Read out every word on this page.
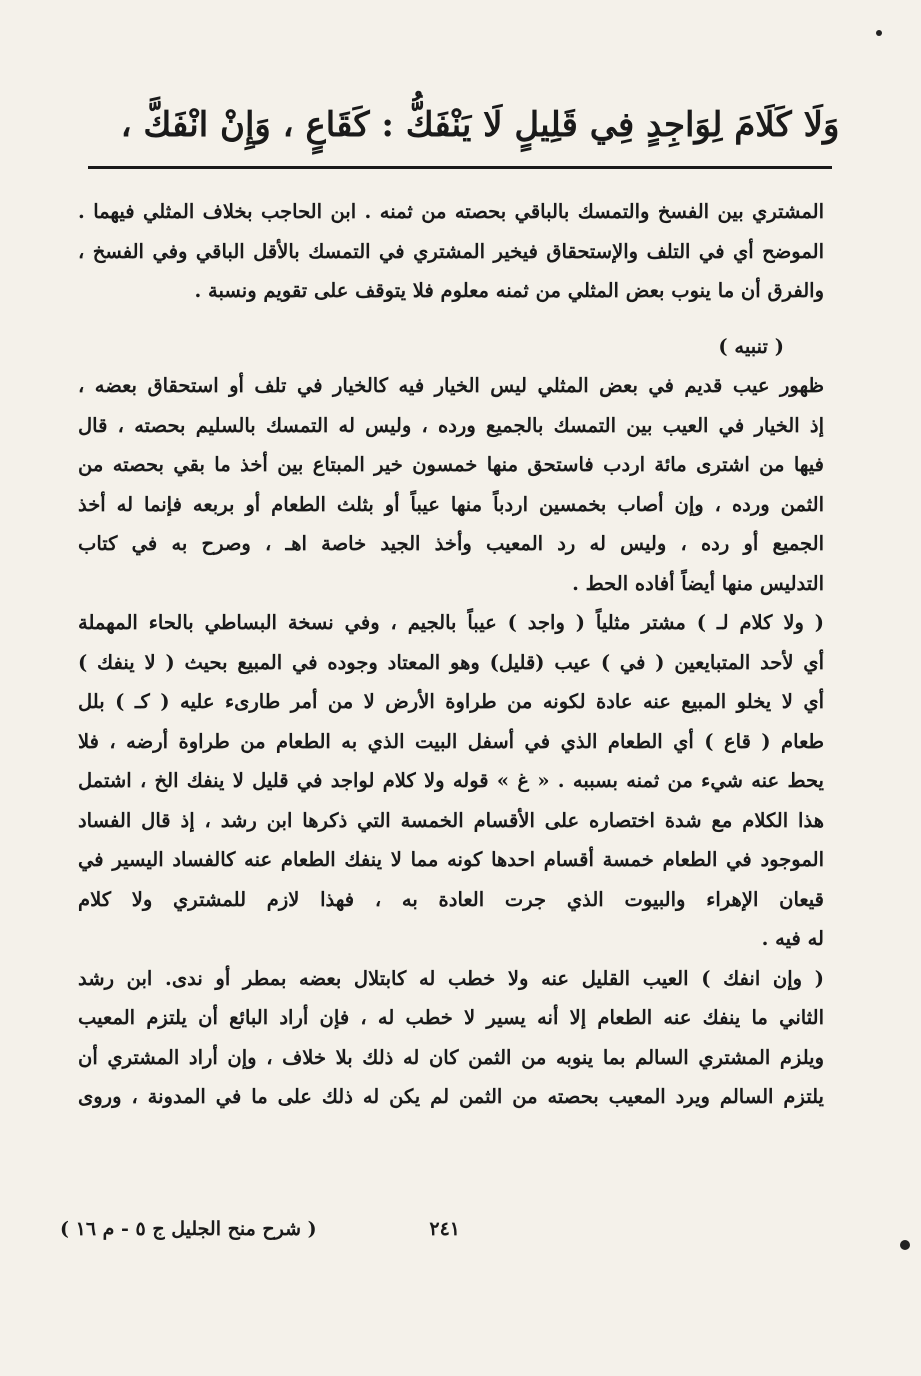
وَلَا كَلَامَ لِوَاجِدٍ فِي قَلِيلٍ لَا يَنْفَكُّ : كَقَاعٍ ، وَإِنْ انْفَكَّ ،
المشتري بين الفسخ والتمسك بالباقي بحصته من ثمنه . ابن الحاجب بخلاف المثلي فيهما .
الموضح أي في التلف والإستحقاق فيخير المشتري في التمسك بالأقل الباقي وفي الفسخ ،
والفرق أن ما ينوب بعض المثلي من ثمنه معلوم فلا يتوقف على تقويم ونسبة .
( تنبيه )
ظهور عيب قديم في بعض المثلي ليس الخيار فيه كالخيار في تلف أو استحقاق بعضه ،
إذ الخيار في العيب بين التمسك بالجميع ورده ، وليس له التمسك بالسليم بحصته ، قال
فيها من اشترى مائة اردب فاستحق منها خمسون خير المبتاع بين أخذ ما بقي بحصته من
الثمن ورده ، وإن أصاب بخمسين اردباً منها عيباً أو بثلث الطعام أو بربعه فإنما له أخذ
الجميع أو رده ، وليس له رد المعيب وأخذ الجيد خاصة اهـ ، وصرح به في كتاب
التدليس منها أيضاً أفاده الحط .
( ولا كلام لـ ) مشتر مثلياً ( واجد ) عيباً بالجيم ، وفي نسخة البساطي بالحاء المهملة
أي لأحد المتبايعين ( في ) عيب (قليل) وهو المعتاد وجوده في المبيع بحيث ( لا ينفك )
أي لا يخلو المبيع عنه عادة لكونه من طراوة الأرض لا من أمر طارىء عليه ( كـ ) بلل
طعام ( قاع ) أي الطعام الذي في أسفل البيت الذي به الطعام من طراوة أرضه ، فلا
يحط عنه شيء من ثمنه بسببه . « غ » قوله ولا كلام لواجد في قليل لا ينفك الخ ، اشتمل
هذا الكلام مع شدة اختصاره على الأقسام الخمسة التي ذكرها ابن رشد ، إذ قال الفساد
الموجود في الطعام خمسة أقسام احدها كونه مما لا ينفك الطعام عنه كالفساد اليسير في
قيعان الإهراء والبيوت الذي جرت العادة به ، فهذا لازم للمشتري ولا كلام
له فيه .
( وإن انفك ) العيب القليل عنه ولا خطب له كابتلال بعضه بمطر أو ندى. ابن رشد
الثاني ما ينفك عنه الطعام إلا أنه يسير لا خطب له ، فإن أراد البائع أن يلتزم المعيب
ويلزم المشتري السالم بما ينوبه من الثمن كان له ذلك بلا خلاف ، وإن أراد المشتري أن
يلتزم السالم ويرد المعيب بحصته من الثمن لم يكن له ذلك على ما في المدونة ، وروى
٢٤١
( شرح منح الجليل ج ٥ - م ١٦ )
